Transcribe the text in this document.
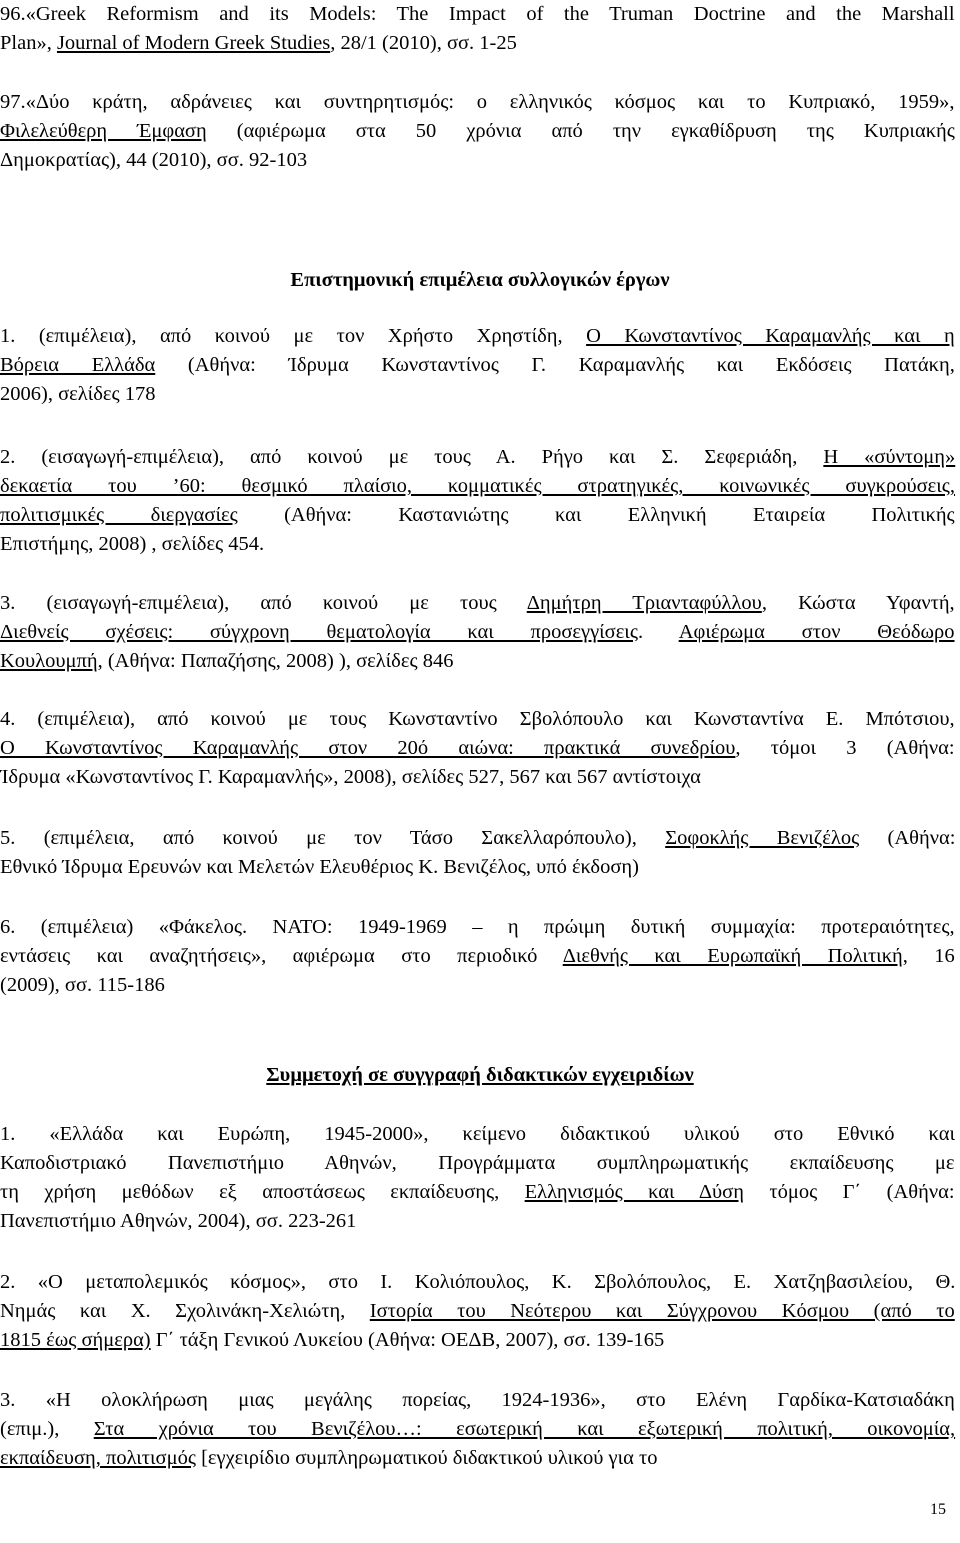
96.«Greek Reformism and its Models: The Impact of the Truman Doctrine and the Marshall
Plan», Journal of Modern Greek Studies, 28/1 (2010), σσ. 1-25
97.«Δύο κράτη, αδράνειες και συντηρητισμός: ο ελληνικός κόσμος και το Κυπριακό, 1959»,
Φιλελεύθερη Έμφαση (αφιέρωμα στα 50 χρόνια από την εγκαθίδρυση της Κυπριακής
Δημοκρατίας), 44 (2010), σσ. 92-103
Επιστημονική επιμέλεια συλλογικών έργων
1. (επιμέλεια), από κοινού με τον Χρήστο Χρηστίδη, Ο Κωνσταντίνος Καραμανλής και η
Βόρεια Ελλάδα (Αθήνα: Ίδρυμα Κωνσταντίνος Γ. Καραμανλής και Εκδόσεις Πατάκη,
2006), σελίδες 178
2. (εισαγωγή-επιμέλεια), από κοινού με τους Α. Ρήγο και Σ. Σεφεριάδη, Η «σύντομη»
δεκαετία του ’60: θεσμικό πλαίσιο, κομματικές στρατηγικές, κοινωνικές συγκρούσεις,
πολιτισμικές διεργασίες (Αθήνα: Καστανιώτης και Ελληνική Εταιρεία Πολιτικής
Επιστήμης, 2008) , σελίδες 454.
3. (εισαγωγή-επιμέλεια), από κοινού με τους Δημήτρη Τριανταφύλλου, Κώστα Υφαντή,
Διεθνείς σχέσεις: σύγχρονη θεματολογία και προσεγγίσεις. Αφιέρωμα στον Θεόδωρο
Κουλουμπή, (Αθήνα: Παπαζήσης, 2008) ), σελίδες 846
4. (επιμέλεια), από κοινού με τους Κωνσταντίνο Σβολόπουλο και Κωνσταντίνα Ε. Μπότσιου,
Ο Κωνσταντίνος Καραμανλής στον 20ό αιώνα: πρακτικά συνεδρίου, τόμοι 3 (Αθήνα:
Ίδρυμα «Κωνσταντίνος Γ. Καραμανλής», 2008), σελίδες 527, 567 και 567 αντίστοιχα
5. (επιμέλεια, από κοινού με τον Τάσο Σακελλαρόπουλο), Σοφοκλής Βενιζέλος (Αθήνα:
Εθνικό Ίδρυμα Ερευνών και Μελετών Ελευθέριος Κ. Βενιζέλος, υπό έκδοση)
6. (επιμέλεια) «Φάκελος. ΝΑΤΟ: 1949-1969 – η πρώιμη δυτική συμμαχία: προτεραιότητες,
εντάσεις και αναζητήσεις», αφιέρωμα στο περιοδικό Διεθνής και Ευρωπαϊκή Πολιτική, 16
(2009), σσ. 115-186
Συμμετοχή σε συγγραφή διδακτικών εγχειριδίων
1. «Ελλάδα και Ευρώπη, 1945-2000», κείμενο διδακτικού υλικού στο Εθνικό και
Καποδιστριακό Πανεπιστήμιο Αθηνών, Προγράμματα συμπληρωματικής εκπαίδευσης με
τη χρήση μεθόδων εξ αποστάσεως εκπαίδευσης, Ελληνισμός και Δύση τόμος Γ΄ (Αθήνα:
Πανεπιστήμιο Αθηνών, 2004), σσ. 223-261
2. «Ο μεταπολεμικός κόσμος», στο Ι. Κολιόπουλος, Κ. Σβολόπουλος, Ε. Χατζηβασιλείου, Θ.
Νημάς και Χ. Σχολινάκη-Χελιώτη, Ιστορία του Νεότερου και Σύγχρονου Κόσμου (από το
1815 έως σήμερα) Γ΄ τάξη Γενικού Λυκείου (Αθήνα: ΟΕΔΒ, 2007), σσ. 139-165
3. «Η ολοκλήρωση μιας μεγάλης πορείας, 1924-1936», στο Ελένη Γαρδίκα-Κατσιαδάκη
(επιμ.), Στα χρόνια του Βενιζέλου…: εσωτερική και εξωτερική πολιτική, οικονομία,
εκπαίδευση, πολιτισμός [εγχειρίδιο συμπληρωματικού διδακτικού υλικού για το
15
